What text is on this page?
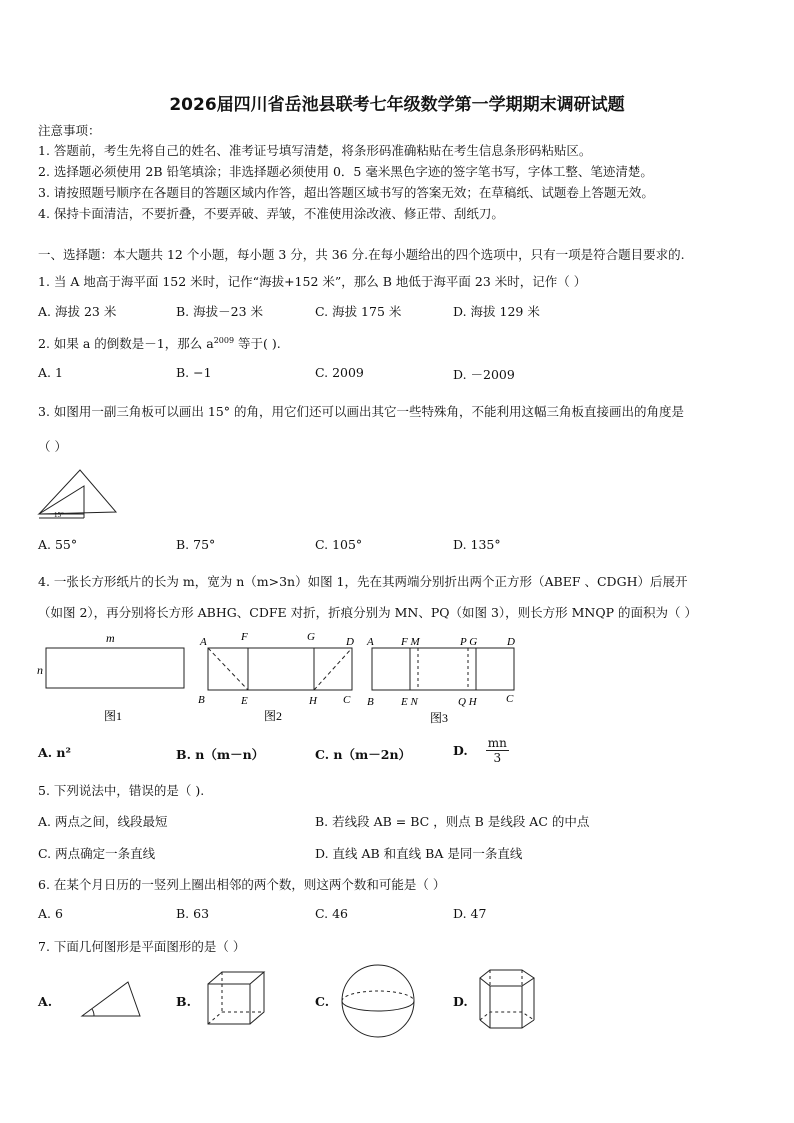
2026届四川省岳池县联考七年级数学第一学期期末调研试题
注意事项：
1. 答题前，考生先将自己的姓名、准考证号填写清楚，将条形码准确粘贴在考生信息条形码粘贴区。
2. 选择题必须使用 2B 铅笔填涂；非选择题必须使用 0．5 毫米黑色字迹的签字笔书写，字体工整、笔迹清楚。
3. 请按照题号顺序在各题目的答题区域内作答，超出答题区域书写的答案无效；在草稿纸、试题卷上答题无效。
4. 保持卡面清洁，不要折叠，不要弄破、弄皱，不准使用涂改液、修正带、刮纸刀。
一、选择题：本大题共 12 个小题，每小题 3 分，共 36 分.在每小题给出的四个选项中，只有一项是符合题目要求的.
1. 当 A 地高于海平面 152 米时，记作“海拔+152 米”，那么 B 地低于海平面 23 米时，记作（ ）
A. 海拔 23 米	B. 海拔－23 米	C. 海拔 175 米	D. 海拔 129 米
2. 如果 a 的倒数是－1，那么 $a^{2009}$ 等于( ).
A. 1	B. −1	C. 2009	D. －2009
3. 如图用一副三角板可以画出 15° 的角，用它们还可以画出其它一些特殊角，不能利用这幅三角板直接画出的角度是
（ ）
15°
A. 55°	B. 75°	C. 105°	D. 135°
4. 一张长方形纸片的长为 m，宽为 n（m>3n）如图 1，先在其两端分别折出两个正方形（ABEF 、CDGH）后展开
（如图 2），再分别将长方形 ABHG、CDFE 对折，折痕分别为 MN、PQ（如图 3），则长方形 MNQP 的面积为（ ）
m
n
图1
A	F	G	D
B	E	H C
图2
A F M	P G	D
B E N	Q H	C
图3
A. n²	B. n（m－n）	C. n（m－2n）	D. $\frac{mn}{3}$
5. 下列说法中，错误的是（ ).
A. 两点之间，线段最短	B. 若线段 AB = BC ，则点 B 是线段 AC 的中点
C. 两点确定一条直线	D. 直线 AB 和直线 BA 是同一条直线
6. 在某个月日历的一竖列上圈出相邻的两个数，则这两个数和可能是（ ）
A. 6	B. 63	C. 46	D. 47
7. 下面几何图形是平面图形的是（ ）
A.	B.	C.	D.
